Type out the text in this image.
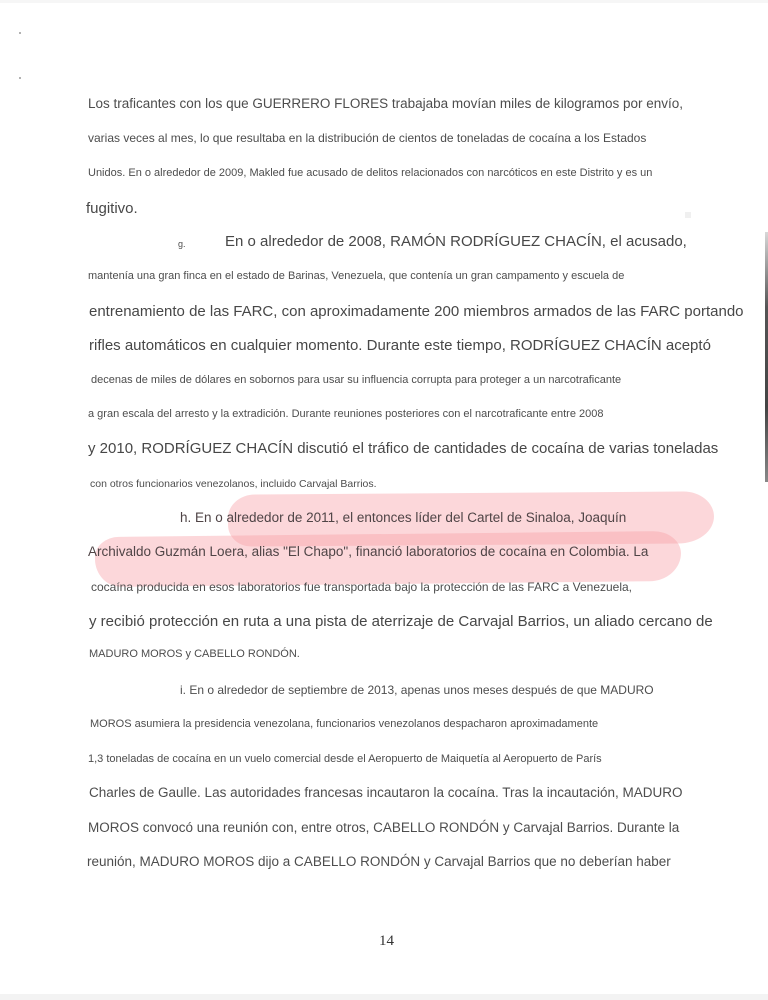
Los traficantes con los que GUERRERO FLORES trabajaba movían miles de kilogramos por envío,
varias veces al mes, lo que resultaba en la distribución de cientos de toneladas de cocaína a los Estados
Unidos. En o alrededor de 2009, Makled fue acusado de delitos relacionados con narcóticos en este Distrito y es un
fugitivo.
g.	En o alrededor de 2008, RAMÓN RODRÍGUEZ CHACÍN, el acusado,
mantenía una gran finca en el estado de Barinas, Venezuela, que contenía un gran campamento y escuela de
entrenamiento de las FARC, con aproximadamente 200 miembros armados de las FARC portando
rifles automáticos en cualquier momento. Durante este tiempo, RODRÍGUEZ CHACÍN aceptó
decenas de miles de dólares en sobornos para usar su influencia corrupta para proteger a un narcotraficante
a gran escala del arresto y la extradición. Durante reuniones posteriores con el narcotraficante entre 2008
y 2010, RODRÍGUEZ CHACÍN discutió el tráfico de cantidades de cocaína de varias toneladas
con otros funcionarios venezolanos, incluido Carvajal Barrios.
h. En o alrededor de 2011, el entonces líder del Cartel de Sinaloa, Joaquín
Archivaldo Guzmán Loera, alias "El Chapo", financió laboratorios de cocaína en Colombia. La
cocaína producida en esos laboratorios fue transportada bajo la protección de las FARC a Venezuela,
y recibió protección en ruta a una pista de aterrizaje de Carvajal Barrios, un aliado cercano de
MADURO MOROS y CABELLO RONDÓN.
i. En o alrededor de septiembre de 2013, apenas unos meses después de que MADURO
MOROS asumiera la presidencia venezolana, funcionarios venezolanos despacharon aproximadamente
1,3 toneladas de cocaína en un vuelo comercial desde el Aeropuerto de Maiquetía al Aeropuerto de París
Charles de Gaulle. Las autoridades francesas incautaron la cocaína. Tras la incautación, MADURO
MOROS convocó una reunión con, entre otros, CABELLO RONDÓN y Carvajal Barrios. Durante la
reunión, MADURO MOROS dijo a CABELLO RONDÓN y Carvajal Barrios que no deberían haber
14
